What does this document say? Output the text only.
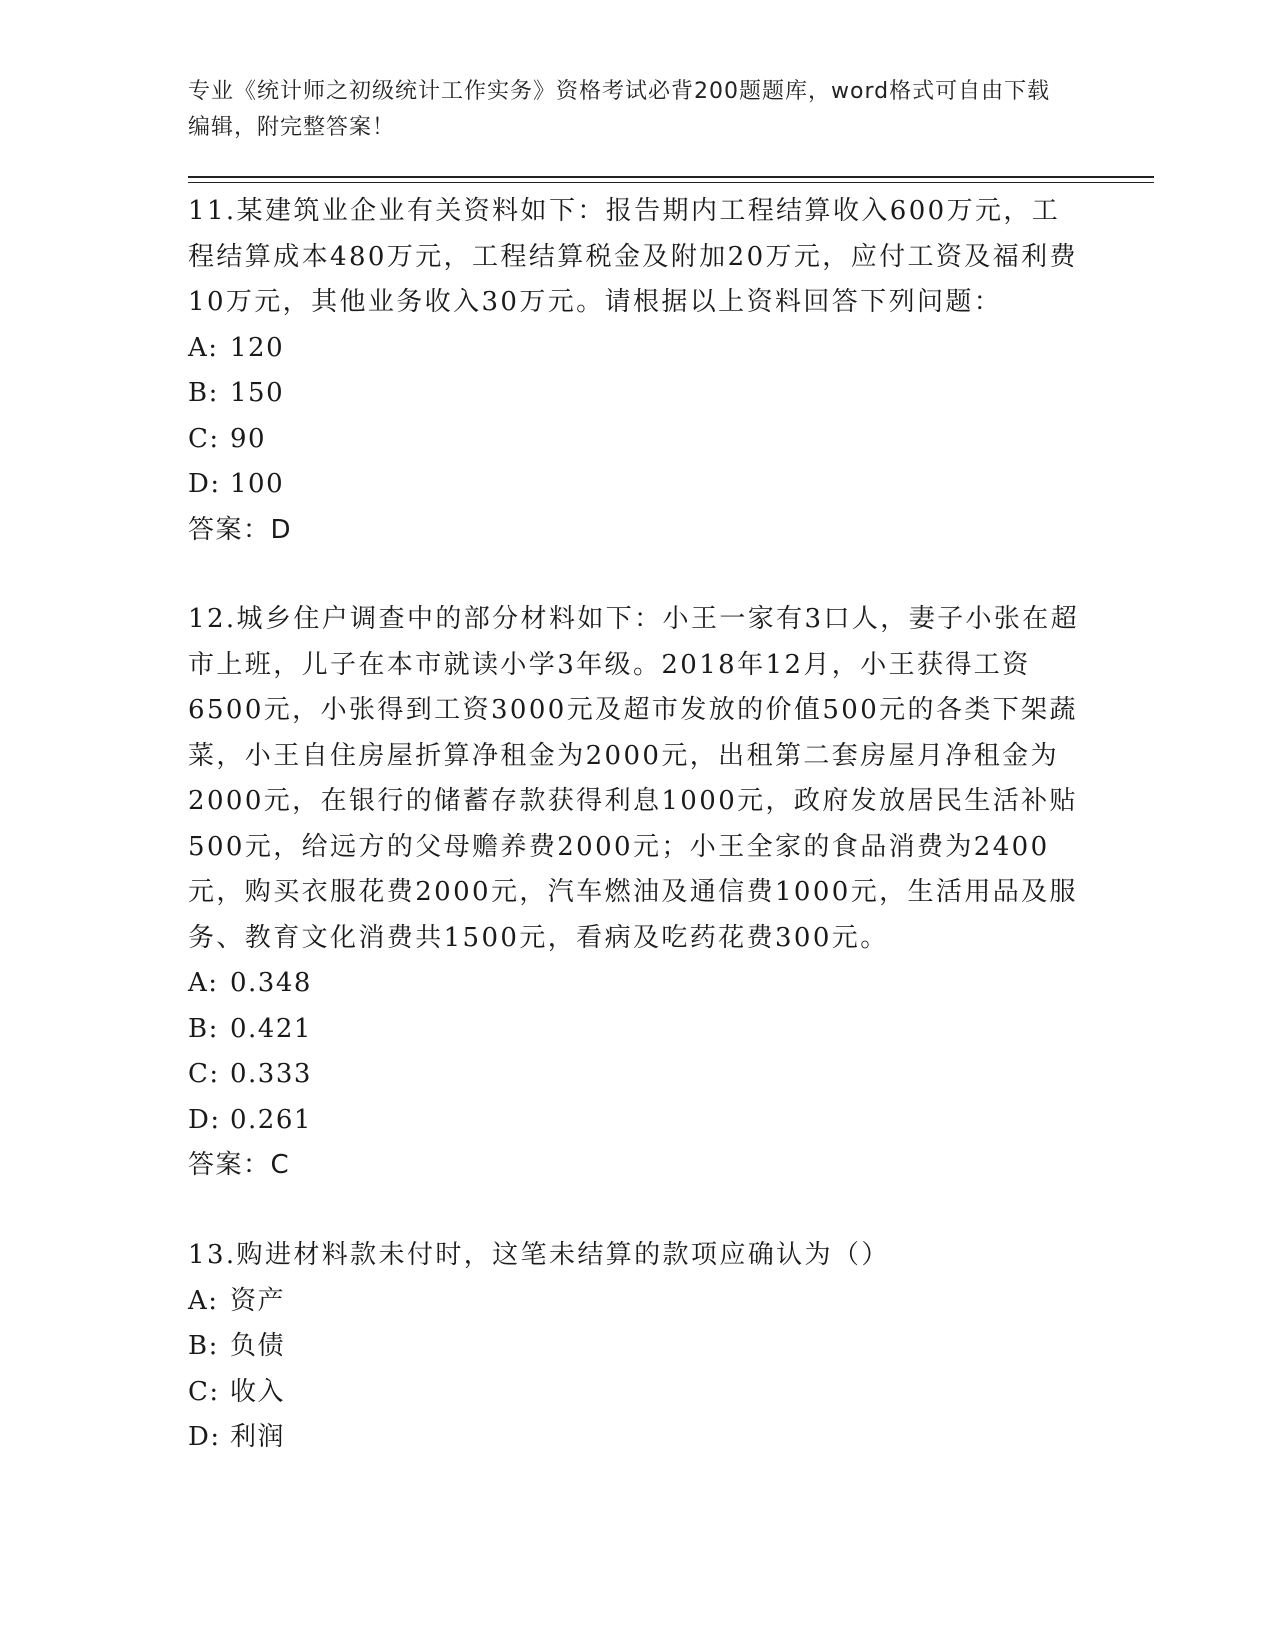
专业《统计师之初级统计工作实务》资格考试必背200题题库，word格式可自由下载编辑，附完整答案！

11.某建筑业企业有关资料如下：报告期内工程结算收入600万元，工程结算成本480万元，工程结算税金及附加20万元，应付工资及福利费10万元，其他业务收入30万元。请根据以上资料回答下列问题：

A: 120

B: 150

C: 90

D: 100

答案：D

12.城乡住户调查中的部分材料如下：小王一家有3口人，妻子小张在超市上班，儿子在本市就读小学3年级。2018年12月，小王获得工资6500元，小张得到工资3000元及超市发放的价值500元的各类下架蔬菜，小王自住房屋折算净租金为2000元，出租第二套房屋月净租金为2000元，在银行的储蓄存款获得利息1000元，政府发放居民生活补贴500元，给远方的父母赡养费2000元；小王全家的食品消费为2400元，购买衣服花费2000元，汽车燃油及通信费1000元，生活用品及服务、教育文化消费共1500元，看病及吃药花费300元。

A: 0.348

B: 0.421

C: 0.333

D: 0.261

答案：C

13.购进材料款未付时，这笔未结算的款项应确认为（）

A: 资产

B: 负债

C: 收入

D: 利润
